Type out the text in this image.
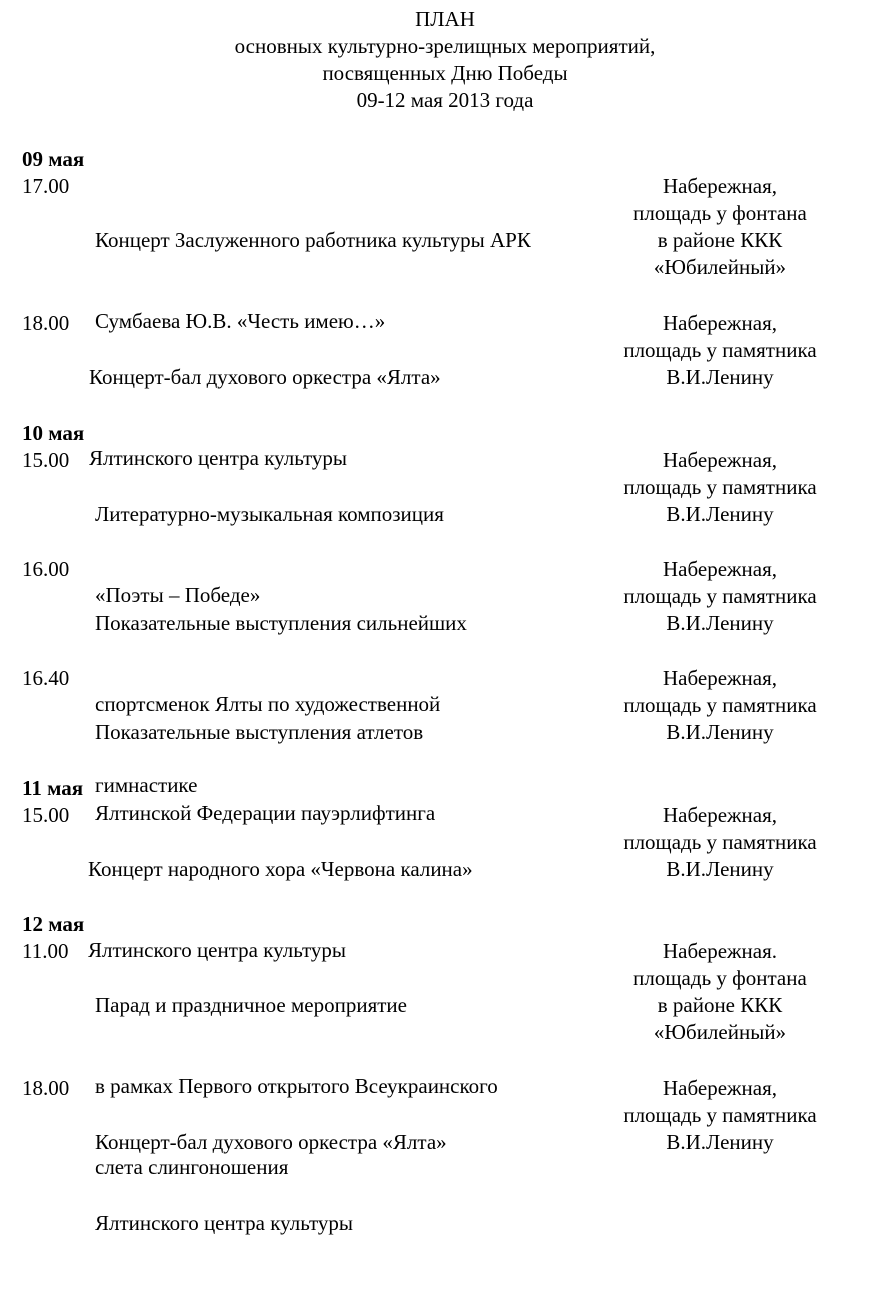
ПЛАН
основных культурно-зрелищных мероприятий,
посвященных Дню Победы
09-12 мая 2013 года
09 мая
17.00

Концерт Заслуженного работника культуры АРК

Сумбаева Ю.В. «Честь имею…»

Набережная,
площадь у фонтана
в районе ККК
«Юбилейный»
18.00

Концерт-бал духового оркестра «Ялта»

Ялтинского центра культуры

Набережная,
площадь у памятника
В.И.Ленину
10 мая
15.00

Литературно-музыкальная композиция

«Поэты – Победе»

Набережная,
площадь у памятника
В.И.Ленину
16.00

Показательные выступления сильнейших

спортсменок Ялты по художественной

гимнастике

Набережная,
площадь у памятника
В.И.Ленину
16.40

Показательные выступления атлетов

Ялтинской Федерации пауэрлифтинга

Набережная,
площадь у памятника
В.И.Ленину
11 мая
15.00

Концерт народного хора «Червона калина»

Ялтинского центра культуры

Набережная,
площадь у памятника
В.И.Ленину
12 мая
11.00

Парад и праздничное мероприятие

в рамках Первого открытого Всеукраинского

слета слингоношения

Набережная.
площадь у фонтана
в районе ККК
«Юбилейный»
18.00

Концерт-бал духового оркестра «Ялта»

Ялтинского центра культуры

Набережная,
площадь у памятника
В.И.Ленину
